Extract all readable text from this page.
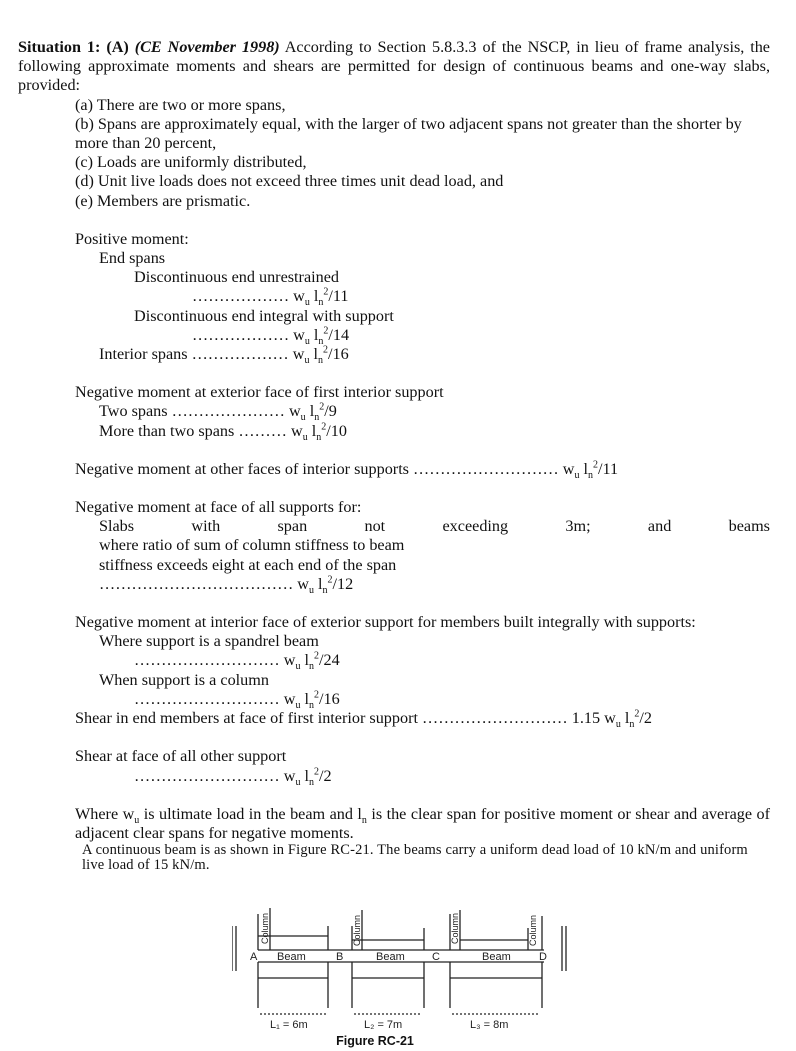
Situation 1: (A) (CE November 1998) According to Section 5.8.3.3 of the NSCP, in lieu of frame analysis, the following approximate moments and shears are permitted for design of continuous beams and one-way slabs, provided:

(a) There are two or more spans,

(b) Spans are approximately equal, with the larger of two adjacent spans not greater than the shorter by more than 20 percent,

(c) Loads are uniformly distributed,

(d) Unit live loads does not exceed three times unit dead load, and

(e) Members are prismatic.

Positive moment:

End spans

Discontinuous end unrestrained

……………… $w_u$ $l_n^2/11$

Discontinuous end integral with support

……………… $w_u$ $l_n^2/14$

Interior spans ……………… $w_u$ $l_n^2/16$

Negative moment at exterior face of first interior support

Two spans ………………… $w_u$ $l_n^2/9$

More than two spans ……… $w_u$ $l_n^2/10$

Negative moment at other faces of interior supports ……………………… $w_u$ $l_n^2/11$

Negative moment at face of all supports for:

Slabs	with	span	not	exceeding	3m;	and	beams

where ratio of sum of column stiffness to beam

stiffness exceeds eight at each end of the span

……………………………… $w_u$ $l_n^2/12$

Negative moment at interior face of exterior support for members built integrally with supports:

Where support is a spandrel beam

……………………… $w_u$ $l_n^2/24$

When support is a column

……………………… $w_u$ $l_n^2/16$

Shear in end members at face of first interior support ……………………… 1.15 $w_u$ $l_n^2/2$

Shear at face of all other support

……………………… $w_u$ $l_n^2/2$

Where $w_u$ is ultimate load in the beam and $l_n$ is the clear span for positive moment or shear and average of adjacent clear spans for negative moments.

A continuous beam is as shown in Figure RC-21. The beams carry a uniform dead load of 10 kN/m and uniform live load of 15 kN/m.

Column	Column	Column	Column
A	B	C	D
Beam	Beam	Beam
L₁ = 6m	L₂ = 7m	L₃ = 8m
Figure RC-21
